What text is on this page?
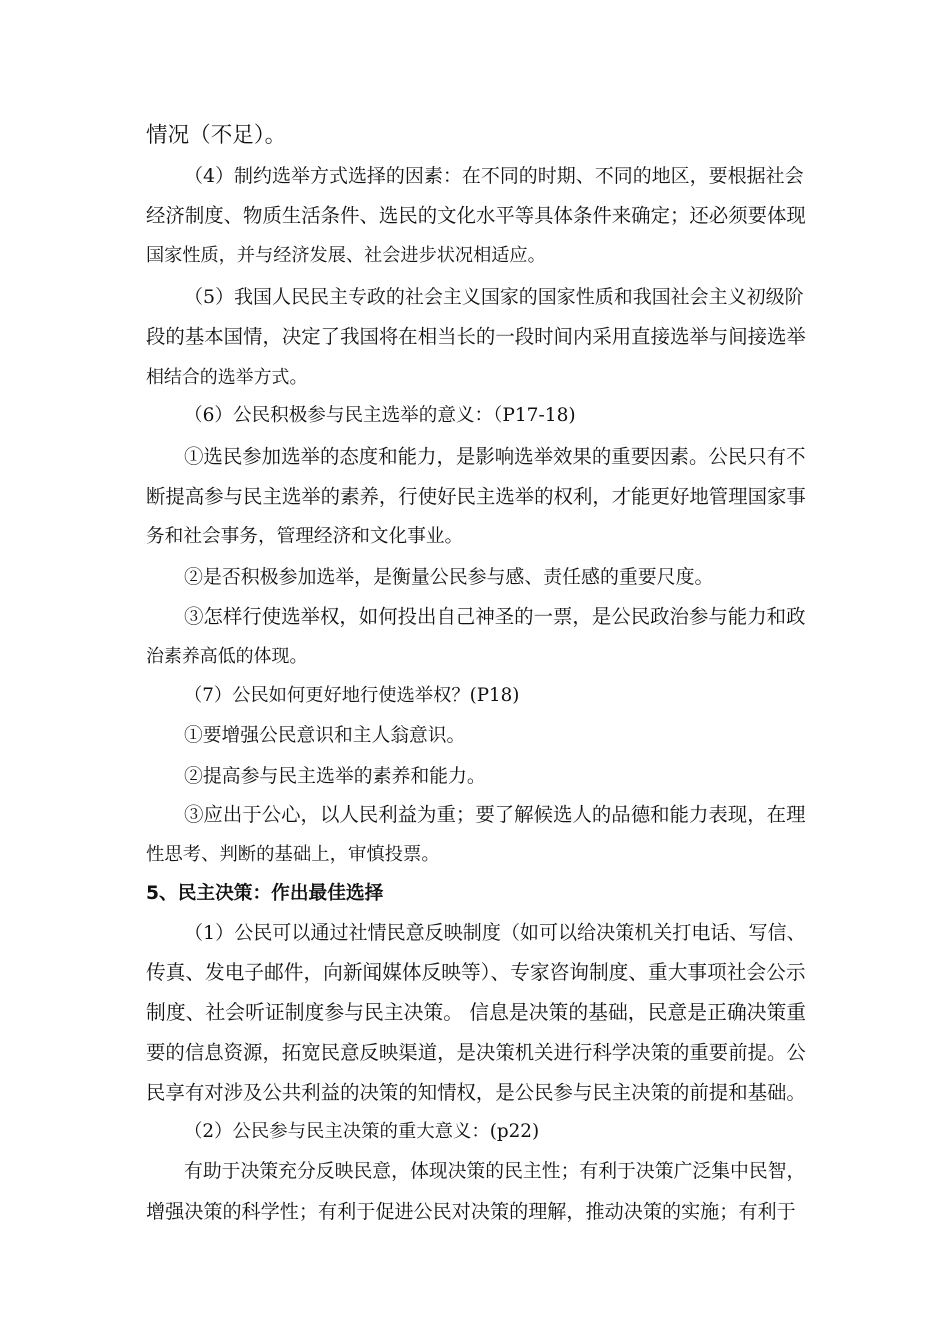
情况（不足）。
（4）制约选举方式选择的因素：在不同的时期、不同的地区，要根据社会
经济制度、物质生活条件、选民的文化水平等具体条件来确定；还必须要体现
国家性质，并与经济发展、社会进步状况相适应。
（5）我国人民民主专政的社会主义国家的国家性质和我国社会主义初级阶
段的基本国情，决定了我国将在相当长的一段时间内采用直接选举与间接选举
相结合的选举方式。
（6）公民积极参与民主选举的意义：（P17-18)
①选民参加选举的态度和能力，是影响选举效果的重要因素。公民只有不
断提高参与民主选举的素养，行使好民主选举的权利，才能更好地管理国家事
务和社会事务，管理经济和文化事业。
②是否积极参加选举，是衡量公民参与感、责任感的重要尺度。
③怎样行使选举权，如何投出自己神圣的一票，是公民政治参与能力和政
治素养高低的体现。
（7）公民如何更好地行使选举权？(P18)
①要增强公民意识和主人翁意识。
②提高参与民主选举的素养和能力。
③应出于公心，以人民利益为重；要了解候选人的品德和能力表现，在理
性思考、判断的基础上，审慎投票。
5、民主决策：作出最佳选择
（1）公民可以通过社情民意反映制度（如可以给决策机关打电话、写信、
传真、发电子邮件，向新闻媒体反映等）、专家咨询制度、重大事项社会公示
制度、社会听证制度参与民主决策。 信息是决策的基础，民意是正确决策重
要的信息资源，拓宽民意反映渠道，是决策机关进行科学决策的重要前提。公
民享有对涉及公共利益的决策的知情权，是公民参与民主决策的前提和基础。
（2）公民参与民主决策的重大意义：(p22)
有助于决策充分反映民意，体现决策的民主性；有利于决策广泛集中民智，
增强决策的科学性；有利于促进公民对决策的理解，推动决策的实施；有利于
